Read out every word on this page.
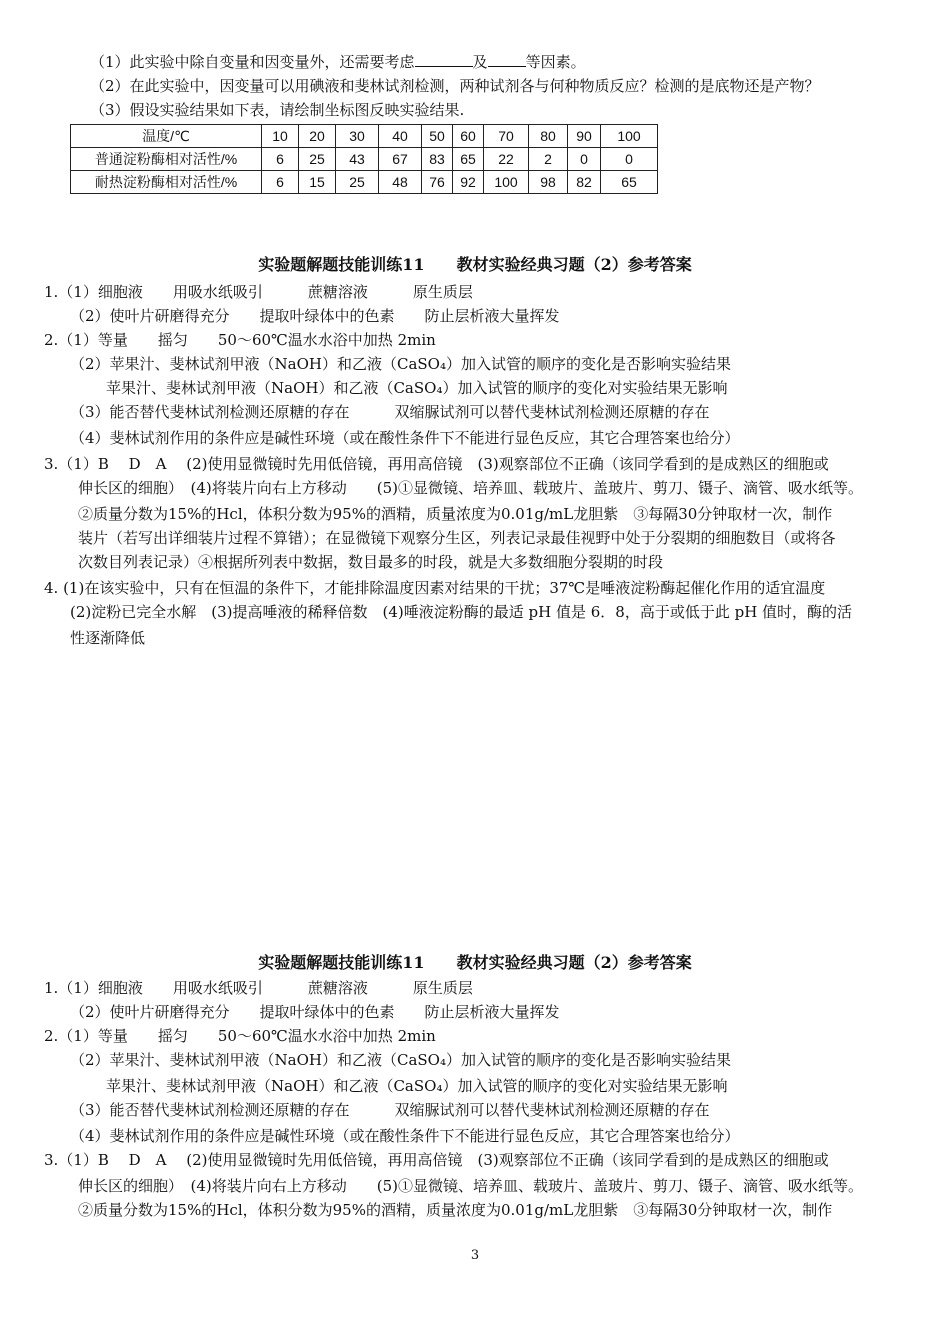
（1）此实验中除自变量和因变量外，还需要考虑	及	等因素。
（2）在此实验中，因变量可以用碘液和斐林试剂检测，两种试剂各与何种物质反应？检测的是底物还是产物？
（3）假设实验结果如下表，请绘制坐标图反映实验结果.
温度/℃	10	20	30	40	50	60	70	80	90	100
普通淀粉酶相对活性/%	6	25	43	67	83	65	22	2	0	0
耐热淀粉酶相对活性/%	6	15	25	48	76	92	100	98	82	65
实验题解题技能训练11　　教材实验经典习题（2）参考答案
1.（1）细胞液　　用吸水纸吸引　　　蔗糖溶液　　　原生质层
（2）使叶片研磨得充分　　提取叶绿体中的色素　　防止层析液大量挥发
2.（1）等量　　摇匀　　50～60℃温水水浴中加热 2min
（2）苹果汁、斐林试剂甲液（NaOH）和乙液（CaSO₄）加入试管的顺序的变化是否影响实验结果
苹果汁、斐林试剂甲液（NaOH）和乙液（CaSO₄）加入试管的顺序的变化对实验结果无影响
（3）能否替代斐林试剂检测还原糖的存在　　　双缩脲试剂可以替代斐林试剂检测还原糖的存在
（4）斐林试剂作用的条件应是碱性环境（或在酸性条件下不能进行显色反应，其它合理答案也给分）
3.（1）B　 D　A　 (2)使用显微镜时先用低倍镜，再用高倍镜　(3)观察部位不正确（该同学看到的是成熟区的细胞或
伸长区的细胞）　(4)将装片向右上方移动　　(5)①显微镜、培养皿、载玻片、盖玻片、剪刀、镊子、滴管、吸水纸等。
②质量分数为15%的Hcl，体积分数为95%的酒精，质量浓度为0.01g/mL龙胆紫　③每隔30分钟取材一次，制作
装片（若写出详细装片过程不算错）；在显微镜下观察分生区，列表记录最佳视野中处于分裂期的细胞数目（或将各
次数目列表记录）④根据所列表中数据，数目最多的时段，就是大多数细胞分裂期的时段
4. (1)在该实验中，只有在恒温的条件下，才能排除温度因素对结果的干扰；37℃是唾液淀粉酶起催化作用的适宜温度
(2)淀粉已完全水解　(3)提高唾液的稀释倍数　(4)唾液淀粉酶的最适 pH 值是 6．8，高于或低于此 pH 值时，酶的活
性逐渐降低
实验题解题技能训练11　　教材实验经典习题（2）参考答案
1.（1）细胞液　　用吸水纸吸引　　　蔗糖溶液　　　原生质层
（2）使叶片研磨得充分　　提取叶绿体中的色素　　防止层析液大量挥发
2.（1）等量　　摇匀　　50～60℃温水水浴中加热 2min
（2）苹果汁、斐林试剂甲液（NaOH）和乙液（CaSO₄）加入试管的顺序的变化是否影响实验结果
苹果汁、斐林试剂甲液（NaOH）和乙液（CaSO₄）加入试管的顺序的变化对实验结果无影响
（3）能否替代斐林试剂检测还原糖的存在　　　双缩脲试剂可以替代斐林试剂检测还原糖的存在
（4）斐林试剂作用的条件应是碱性环境（或在酸性条件下不能进行显色反应，其它合理答案也给分）
3.（1）B　 D　A　 (2)使用显微镜时先用低倍镜，再用高倍镜　(3)观察部位不正确（该同学看到的是成熟区的细胞或
伸长区的细胞）　(4)将装片向右上方移动　　(5)①显微镜、培养皿、载玻片、盖玻片、剪刀、镊子、滴管、吸水纸等。
②质量分数为15%的Hcl，体积分数为95%的酒精，质量浓度为0.01g/mL龙胆紫　③每隔30分钟取材一次，制作
3
